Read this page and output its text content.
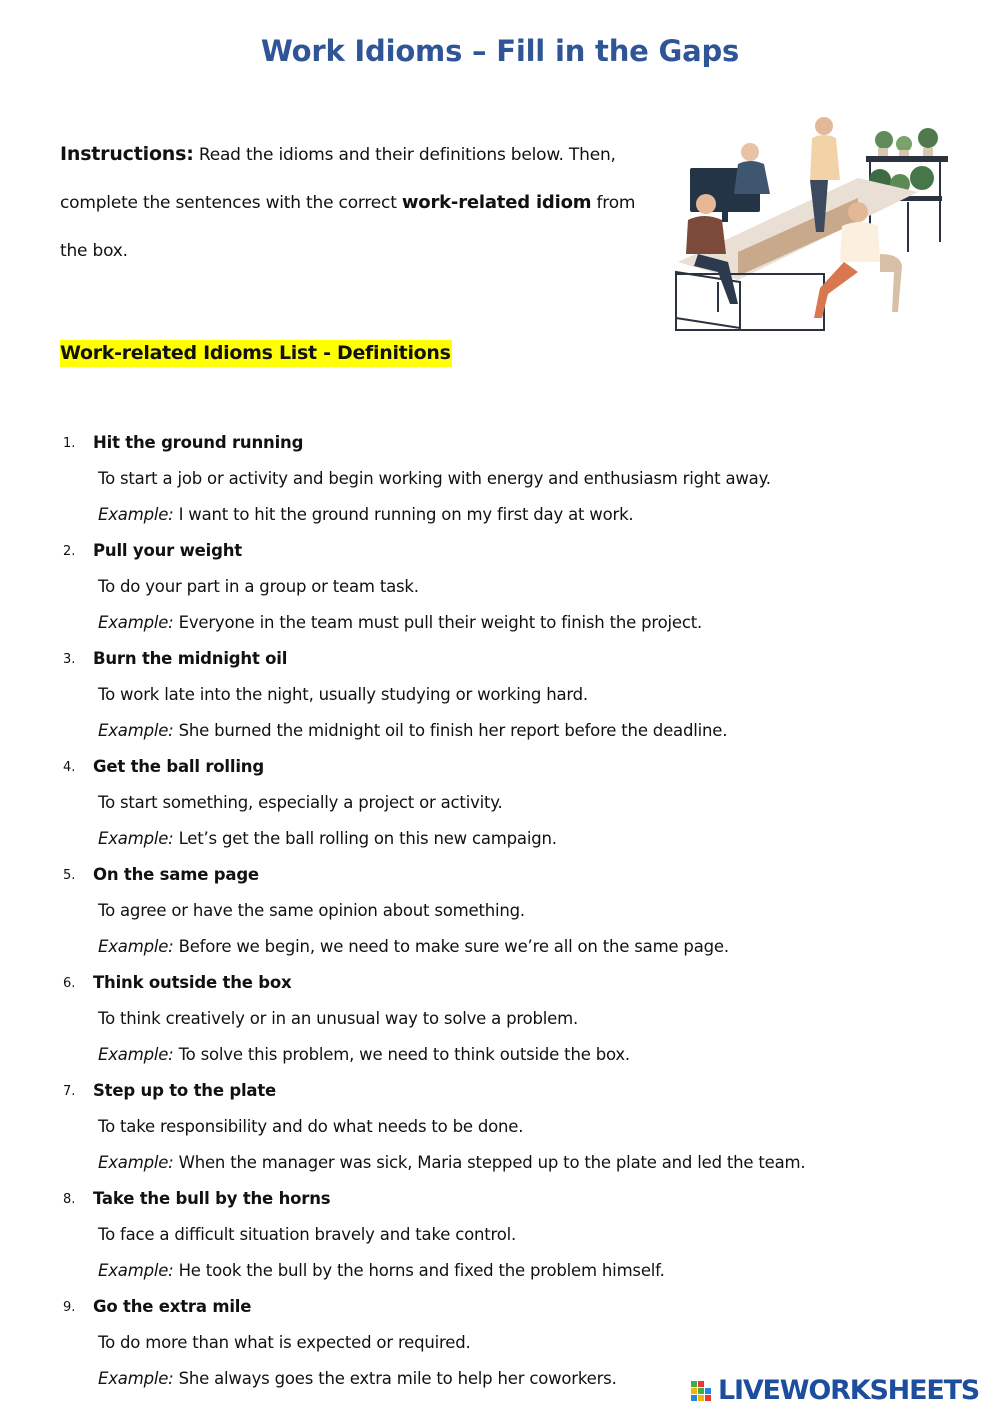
Work Idioms – Fill in the Gaps
Instructions: Read the idioms and their definitions below. Then, complete the sentences with the correct work-related idiom from the box.
Work-related Idioms List - Definitions
1. Hit the ground running
To start a job or activity and begin working with energy and enthusiasm right away.
Example: I want to hit the ground running on my first day at work.
2. Pull your weight
To do your part in a group or team task.
Example: Everyone in the team must pull their weight to finish the project.
3. Burn the midnight oil
To work late into the night, usually studying or working hard.
Example: She burned the midnight oil to finish her report before the deadline.
4. Get the ball rolling
To start something, especially a project or activity.
Example: Let’s get the ball rolling on this new campaign.
5. On the same page
To agree or have the same opinion about something.
Example: Before we begin, we need to make sure we’re all on the same page.
6. Think outside the box
To think creatively or in an unusual way to solve a problem.
Example: To solve this problem, we need to think outside the box.
7. Step up to the plate
To take responsibility and do what needs to be done.
Example: When the manager was sick, Maria stepped up to the plate and led the team.
8. Take the bull by the horns
To face a difficult situation bravely and take control.
Example: He took the bull by the horns and fixed the problem himself.
9. Go the extra mile
To do more than what is expected or required.
Example: She always goes the extra mile to help her coworkers.	LIVEWORKSHEETS
